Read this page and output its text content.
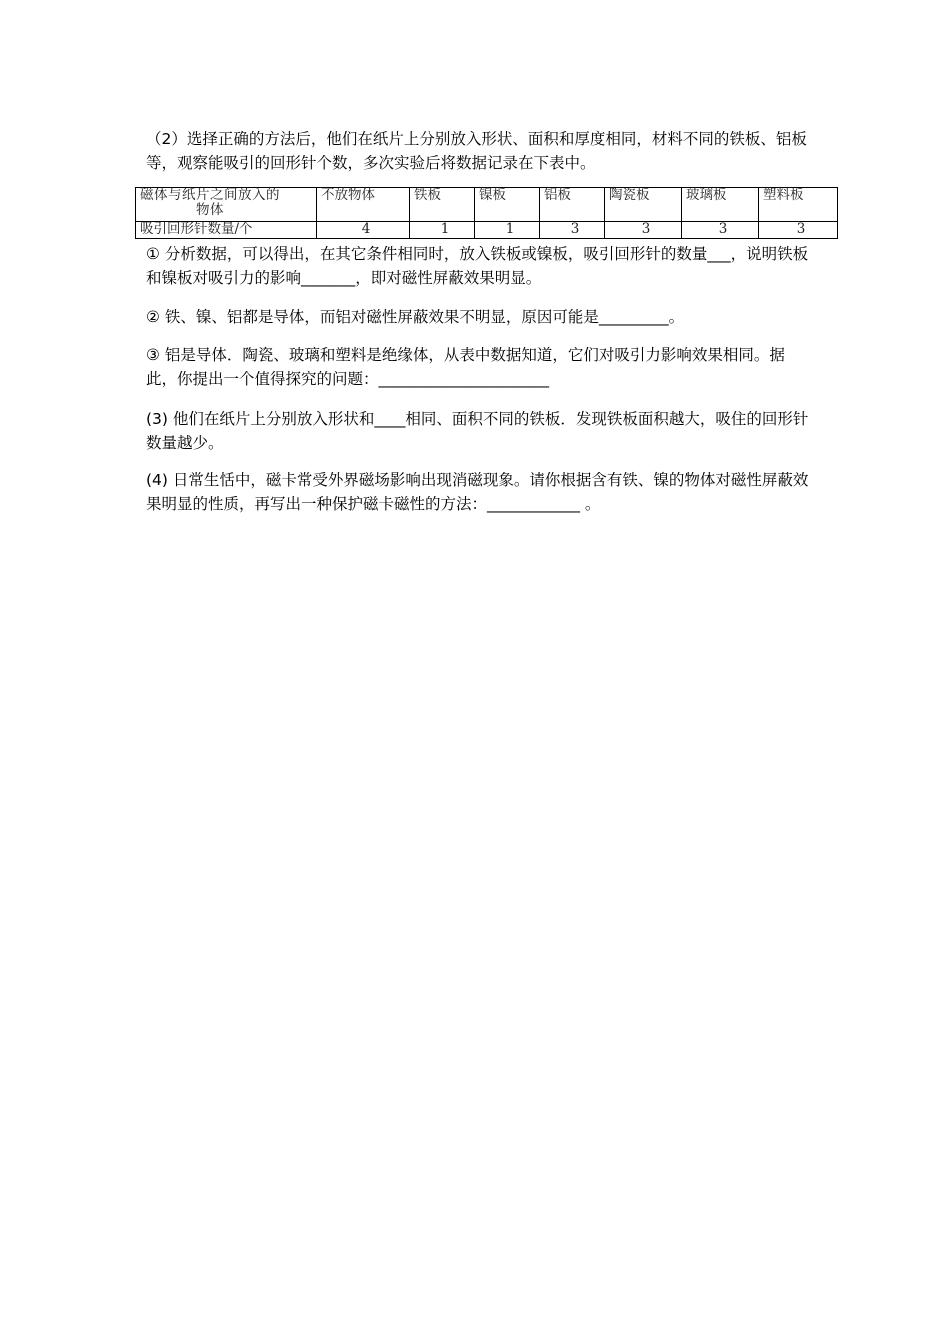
（2）选择正确的方法后，他们在纸片上分别放入形状、面积和厚度相同，材料不同的铁板、铝板等，观察能吸引的回形针个数，多次实验后将数据记录在下表中。

磁体与纸片之间放入的
物体	不放物体	铁板	镍板	铝板	陶瓷板	玻璃板	塑料板
吸引回形针数量/个	4	1	1	3	3	3	3

① 分析数据，可以得出，在其它条件相同时，放入铁板或镍板，吸引回形针的数量___，说明铁板和镍板对吸引力的影响_______，即对磁性屏蔽效果明显。

② 铁、镍、铝都是导体，而铝对磁性屏蔽效果不明显，原因可能是_________。

③ 铝是导体．陶瓷、玻璃和塑料是绝缘体，从表中数据知道，它们对吸引力影响效果相同。据此，你提出一个值得探究的问题：______________________

(3) 他们在纸片上分别放入形状和____相同、面积不同的铁板．发现铁板面积越大，吸住的回形针数量越少。

(4) 日常生恬中，磁卡常受外界磁场影响出现消磁现象。请你根据含有铁、镍的物体对磁性屏蔽效果明显的性质，再写出一种保护磁卡磁性的方法：____________ 。
